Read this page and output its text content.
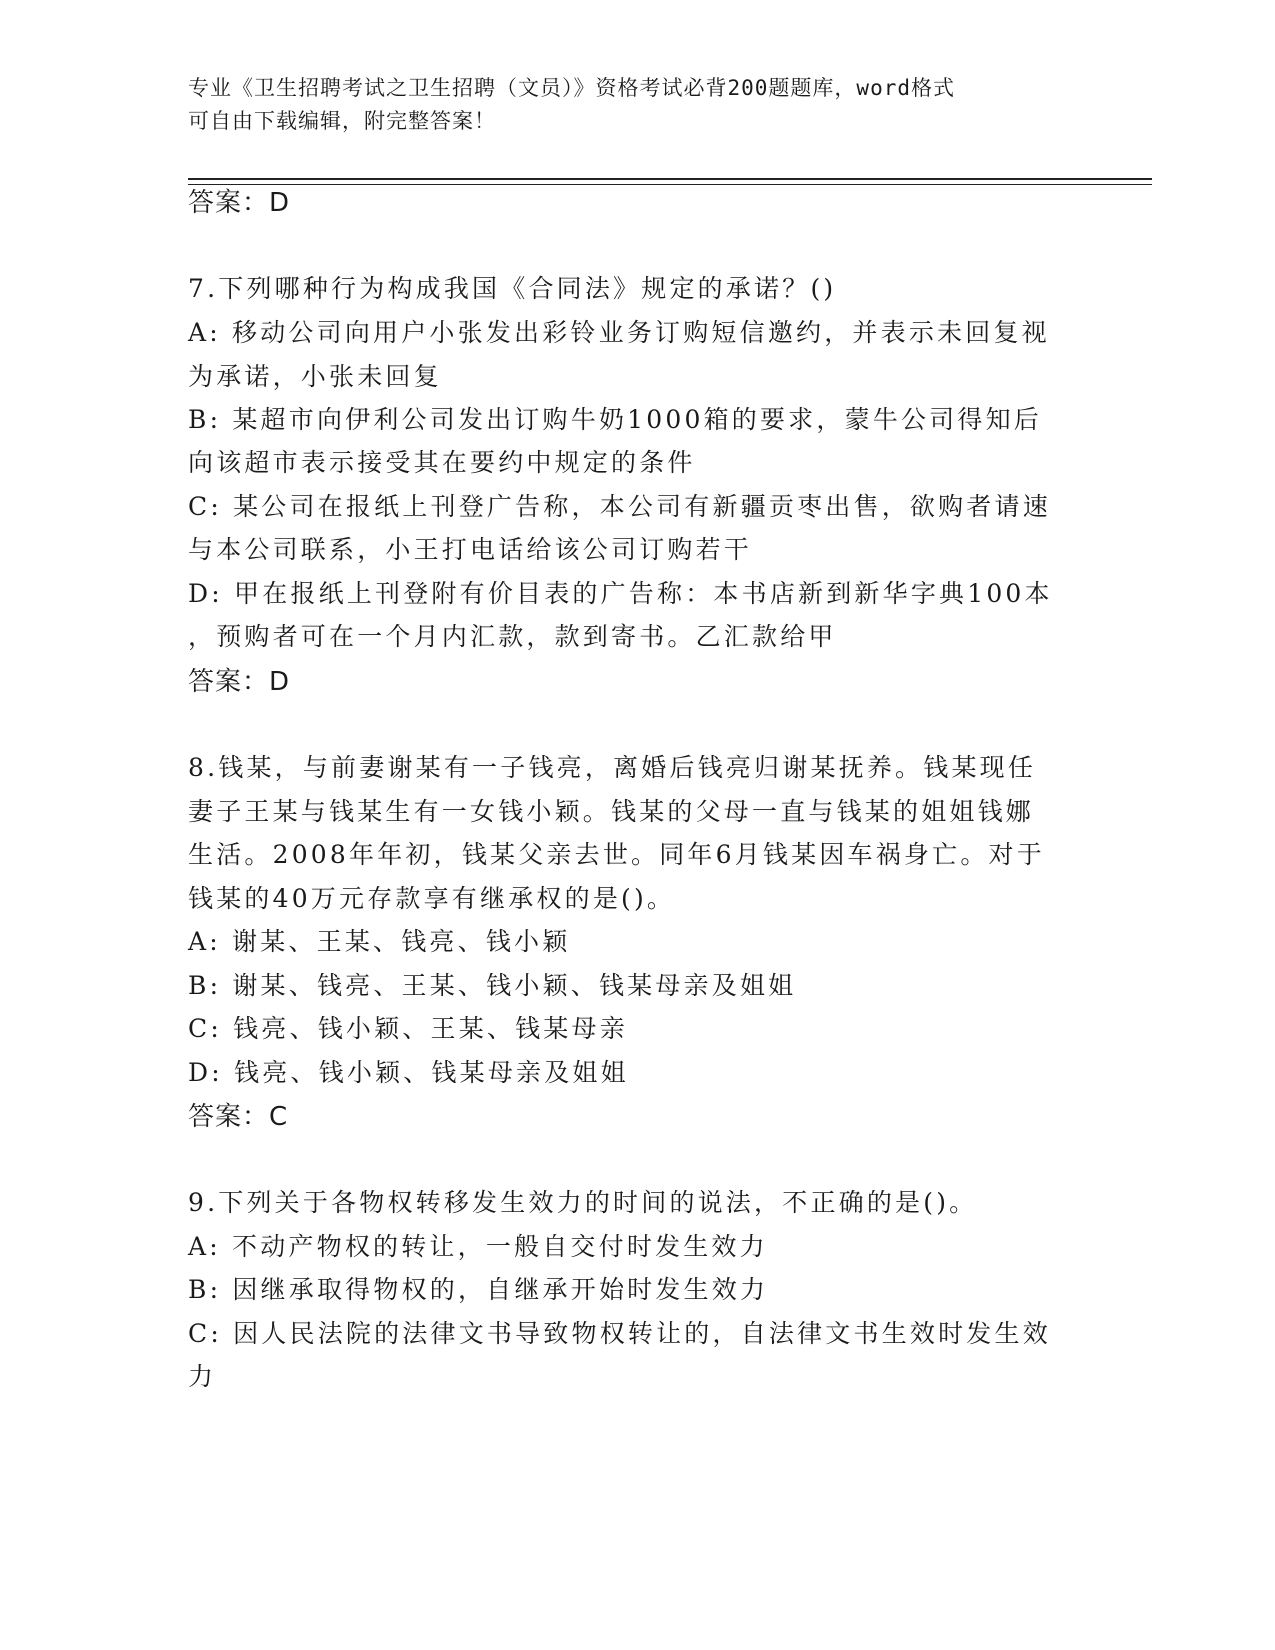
专业《卫生招聘考试之卫生招聘（文员）》资格考试必背200题题库，word格式
可自由下载编辑，附完整答案！
答案：D
7.下列哪种行为构成我国《合同法》规定的承诺？()
A: 移动公司向用户小张发出彩铃业务订购短信邀约，并表示未回复视
为承诺，小张未回复
B: 某超市向伊利公司发出订购牛奶1000箱的要求，蒙牛公司得知后
向该超市表示接受其在要约中规定的条件
C: 某公司在报纸上刊登广告称，本公司有新疆贡枣出售，欲购者请速
与本公司联系，小王打电话给该公司订购若干
D: 甲在报纸上刊登附有价目表的广告称：本书店新到新华字典100本
，预购者可在一个月内汇款，款到寄书。乙汇款给甲
答案：D
8.钱某，与前妻谢某有一子钱亮，离婚后钱亮归谢某抚养。钱某现任
妻子王某与钱某生有一女钱小颖。钱某的父母一直与钱某的姐姐钱娜
生活。2008年年初，钱某父亲去世。同年6月钱某因车祸身亡。对于
钱某的40万元存款享有继承权的是()。
A: 谢某、王某、钱亮、钱小颖
B: 谢某、钱亮、王某、钱小颖、钱某母亲及姐姐
C: 钱亮、钱小颖、王某、钱某母亲
D: 钱亮、钱小颖、钱某母亲及姐姐
答案：C
9.下列关于各物权转移发生效力的时间的说法，不正确的是()。
A: 不动产物权的转让，一般自交付时发生效力
B: 因继承取得物权的，自继承开始时发生效力
C: 因人民法院的法律文书导致物权转让的，自法律文书生效时发生效
力
